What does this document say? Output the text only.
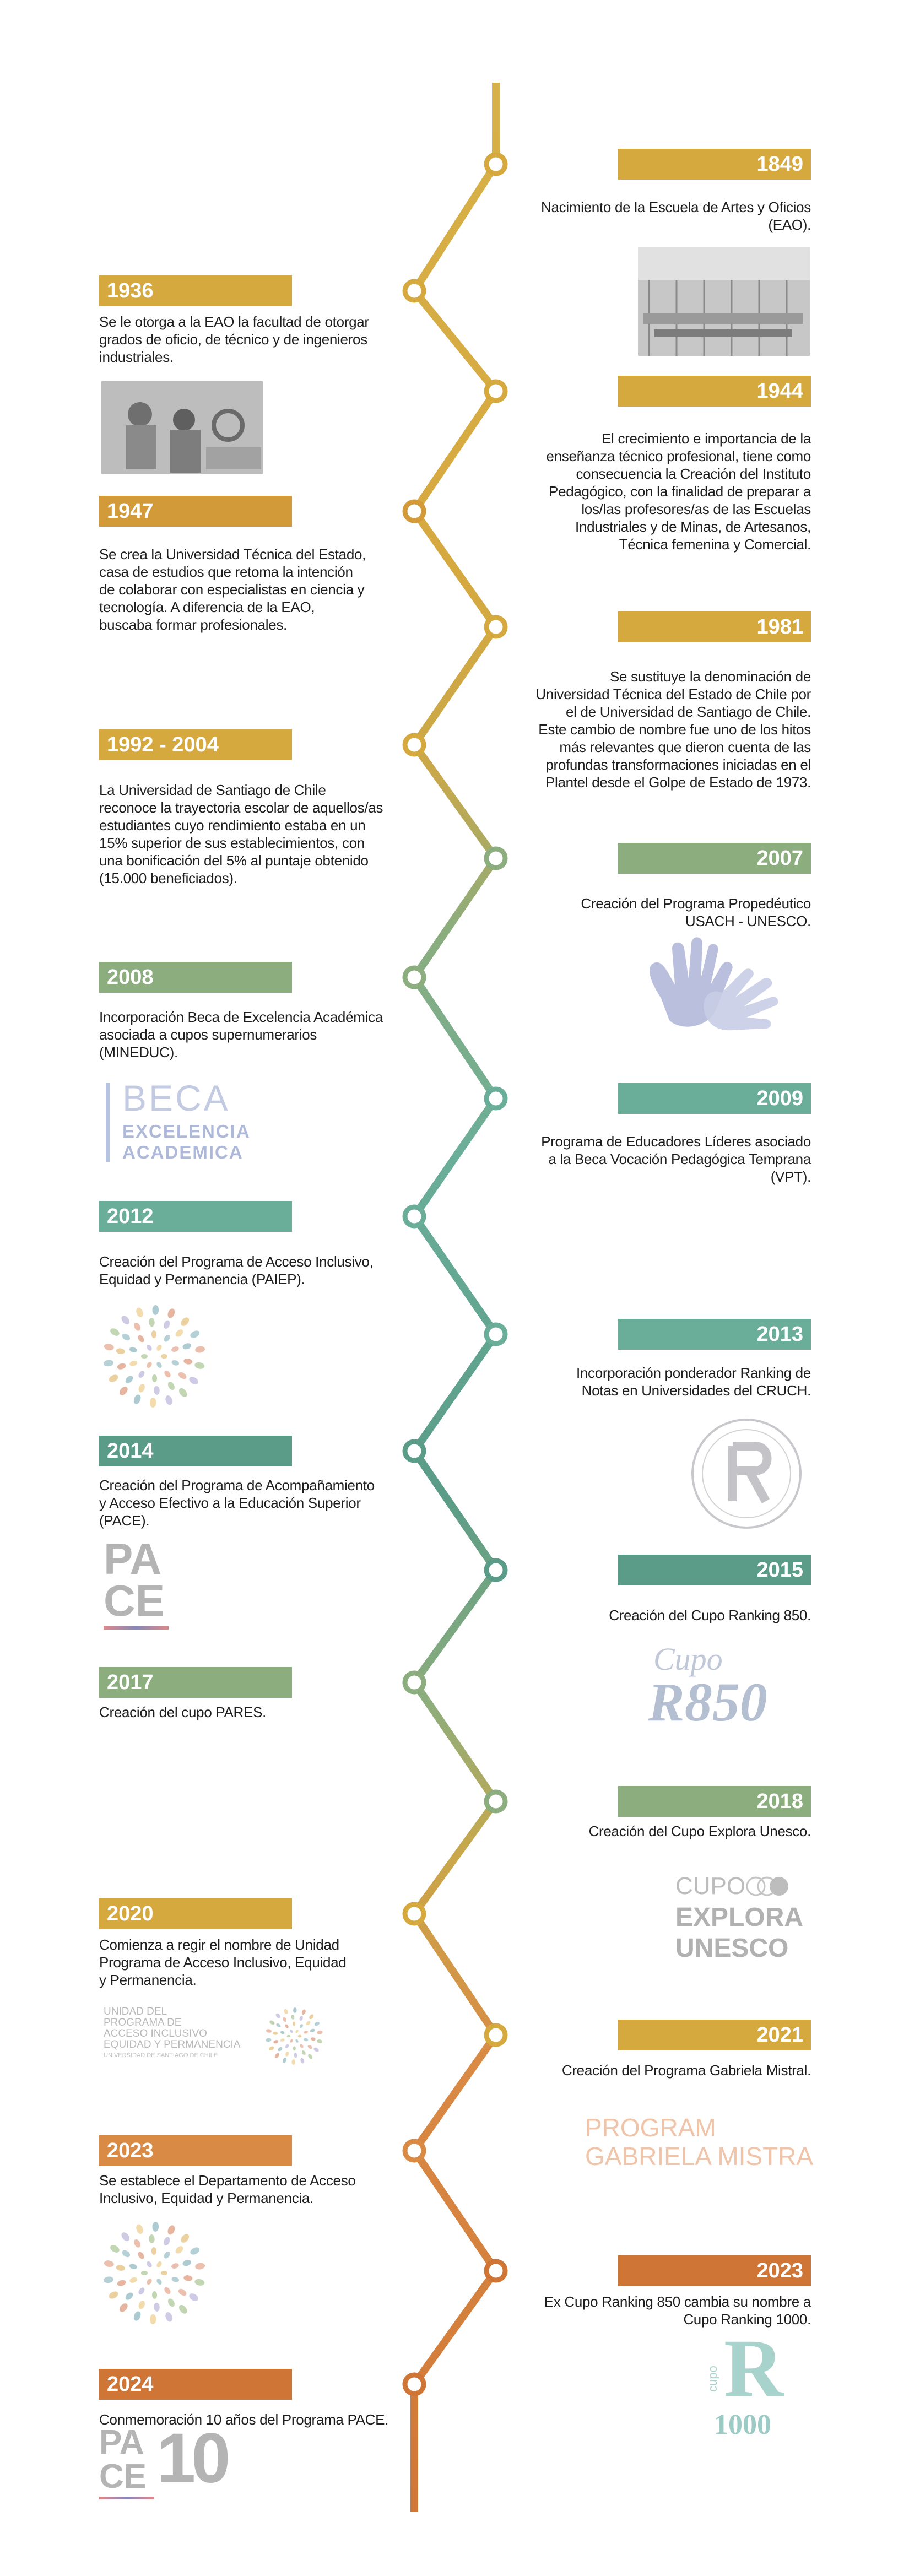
1849
Nacimiento de la Escuela de Artes y Oficios
(EAO).
1936
Se le otorga a la EAO la facultad de otorgar
grados de oficio, de técnico y de ingenieros
industriales.
1944
El crecimiento e importancia de la
enseñanza técnico profesional, tiene como
consecuencia la Creación del Instituto
Pedagógico, con la finalidad de preparar a
los/las profesores/as de las Escuelas
Industriales y de Minas, de Artesanos,
Técnica femenina y Comercial.
1947
Se crea la Universidad Técnica del Estado,
casa de estudios que retoma la intención
de colaborar con especialistas en ciencia y
tecnología. A diferencia de la EAO,
buscaba formar profesionales.	1981
Se sustituye la denominación de
Universidad Técnica del Estado de Chile por
el de Universidad de Santiago de Chile.
Este cambio de nombre fue uno de los hitos
más relevantes que dieron cuenta de las
profundas transformaciones iniciadas en el
Plantel desde el Golpe de Estado de 1973.
1992 - 2004
La Universidad de Santiago de Chile
reconoce la trayectoria escolar de aquellos/as
estudiantes cuyo rendimiento estaba en un
15% superior de sus establecimientos, con
una bonificación del 5% al puntaje obtenido
(15.000 beneficiados).
2007
Creación del Programa Propedéutico
USACH - UNESCO.
2008
Incorporación Beca de Excelencia Académica
asociada a cupos supernumerarios
(MINEDUC).
2009
Programa de Educadores Líderes asociado
a la Beca Vocación Pedagógica Temprana
(VPT).
2012
Creación del Programa de Acceso Inclusivo,
Equidad y Permanencia (PAIEP).
2013
Incorporación ponderador Ranking de
Notas en Universidades del CRUCH.
2014
Creación del Programa de Acompañamiento
y Acceso Efectivo a la Educación Superior
(PACE).
2015
Creación del Cupo Ranking 850.
2017
Creación del cupo PARES.
2018
Creación del Cupo Explora Unesco.
2020
Comienza a regir el nombre de Unidad
Programa de Acceso Inclusivo, Equidad
y Permanencia.
2021
Creación del Programa Gabriela Mistral.
2023
Se establece el Departamento de Acceso
Inclusivo, Equidad y Permanencia.
2023
Ex Cupo Ranking 850 cambia su nombre a
Cupo Ranking 1000.
2024
Conmemoración 10 años del Programa PACE.
BECA
EXCELENCIA
ACADEMICA
PA
CE
Cupo
R850
CUPO
EXPLORA
UNESCO
UNIDAD DEL
PROGRAMA DE
ACCESO INCLUSIVO
EQUIDAD Y PERMANENCIA
UNIVERSIDAD DE SANTIAGO DE CHILE
PROGRAM
GABRIELA MISTRA
cupo R
1000
PA
CE 10
